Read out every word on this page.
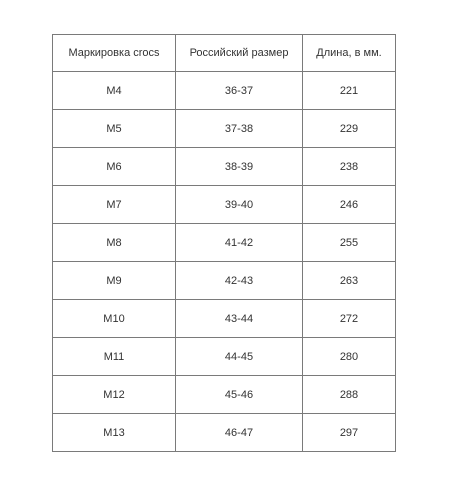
Маркировка crocs	Российский размер	Длина, в мм.
M4	36-37	221
M5	37-38	229
M6	38-39	238
M7	39-40	246
M8	41-42	255
M9	42-43	263
M10	43-44	272
M11	44-45	280
M12	45-46	288
M13	46-47	297
